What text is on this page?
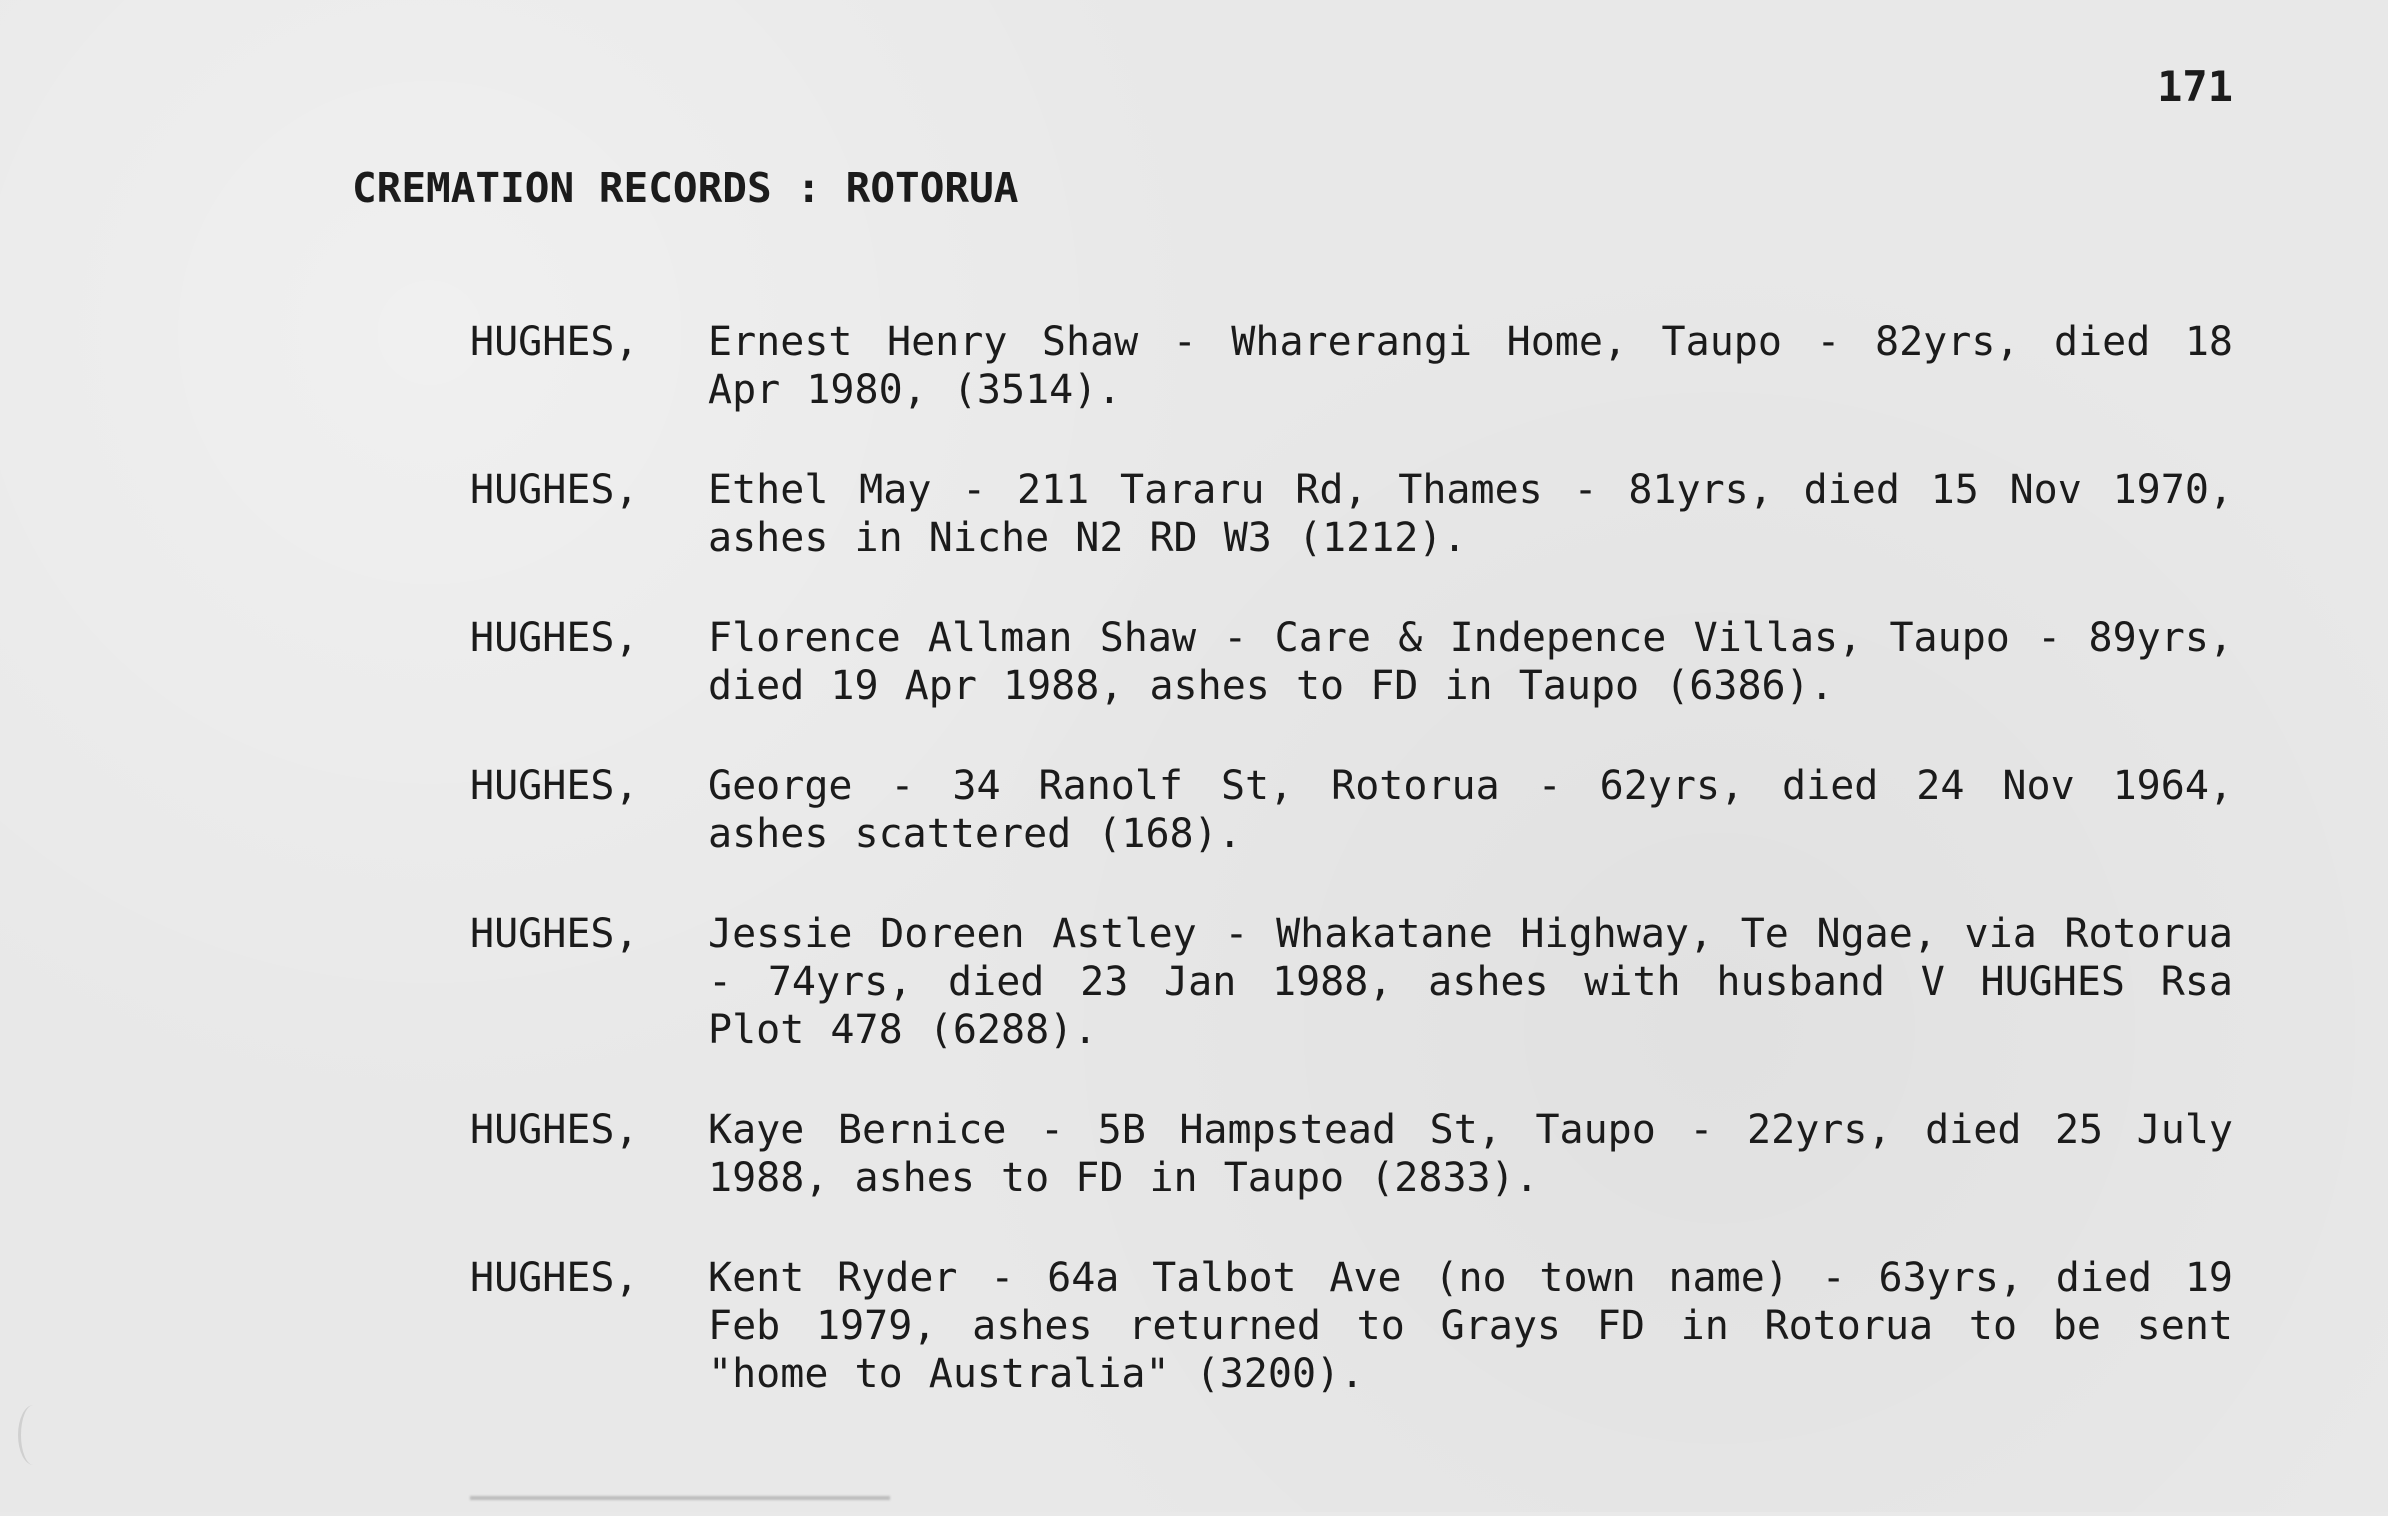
171
CREMATION RECORDS : ROTORUA
HUGHES,	Ernest Henry Shaw - Wharerangi Home, Taupo - 82yrs, died 18 Apr 1980, (3514).
HUGHES,	Ethel May - 211 Tararu Rd, Thames - 81yrs, died 15 Nov 1970, ashes in Niche N2 RD W3 (1212).
HUGHES,	Florence Allman Shaw - Care & Indepence Villas, Taupo - 89yrs, died 19 Apr 1988, ashes to FD in Taupo (6386).
HUGHES,	George - 34 Ranolf St, Rotorua - 62yrs, died 24 Nov 1964, ashes scattered (168).
HUGHES,	Jessie Doreen Astley - Whakatane Highway, Te Ngae, via Rotorua - 74yrs, died 23 Jan 1988, ashes with husband V HUGHES Rsa Plot 478 (6288).
HUGHES,	Kaye Bernice - 5B Hampstead St, Taupo - 22yrs, died 25 July 1988, ashes to FD in Taupo (2833).
HUGHES,	Kent Ryder - 64a Talbot Ave (no town name) - 63yrs, died 19 Feb 1979, ashes returned to Grays FD in Rotorua to be sent "home to Australia" (3200).
